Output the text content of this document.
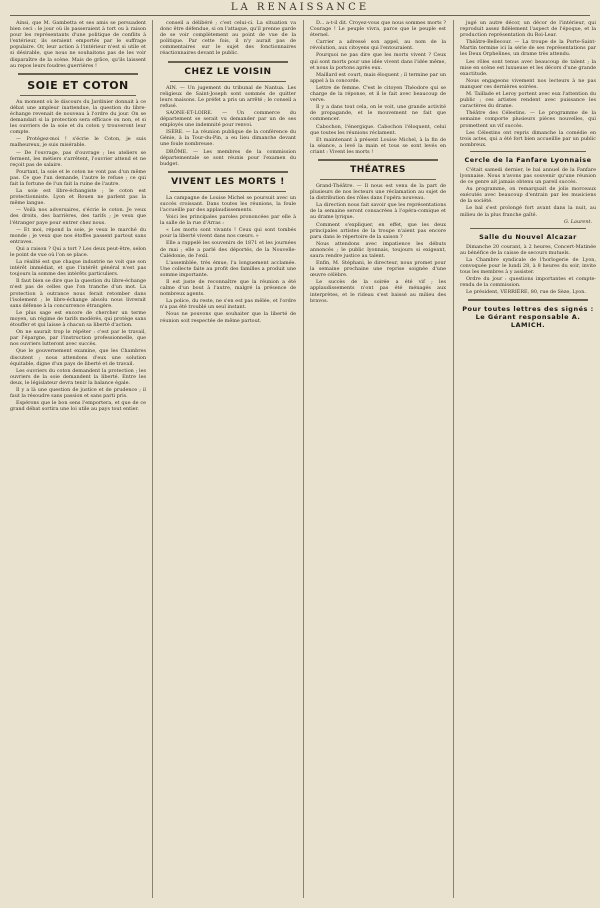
LA RENAISSANCE

Ainsi, que M. Gambetta et ses amis se persuadent bien ceci : le jour où ils passeraient à tort ou à raison pour les représentants d'une politique de conflits à l'extérieur, ils seraient emportés par le suffrage populaire. Or, leur action à l'intérieur n'est si utile et si désirable, que nous ne souhaitons pas de les voir disparaître de la scène. Mais de grâce, qu'ils laissent au repos leurs foudres guerrières !

SOIE ET COTON

Au moment où le discours du Jardinier donnait à ce débat une ampleur inattendue, la question du libre-échange revenait de nouveau à l'ordre du jour. On se demandait si la protection sera efficace ou non, et si les ouvriers de la soie et du coton y trouveront leur compte.

— Protégez-moi ! s'écrie le Coton, je suis malheureux, je suis misérable.

— De l'ouvrage, pas d'ouvrage ; les ateliers se ferment, les métiers s'arrêtent, l'ouvrier attend et ne reçoit pas de salaire.

Pourtant, la soie et le coton ne vont pas d'un même pas. Ce que l'un demande, l'autre le refuse ; ce qui fait la fortune de l'un fait la ruine de l'autre.

La soie est libre-échangiste ; le coton est protectionniste. Lyon et Rouen ne parlent pas la même langue.

— Voilà nos adversaires, s'écrie le coton. Je veux des droits, des barrières, des tarifs ; je veux que l'étranger paye pour entrer chez nous.

— Et moi, répond la soie, je veux le marché du monde ; je veux que nos étoffes passent partout sans entraves.

Qui a raison ? Qui a tort ? Les deux peut-être, selon le point de vue où l'on se place.

La réalité est que chaque industrie ne voit que son intérêt immédiat, et que l'intérêt général n'est pas toujours la somme des intérêts particuliers.

Il faut bien se dire que la question du libre-échange n'est pas de celles que l'on tranche d'un mot. La protection à outrance nous ferait retomber dans l'isolement ; le libre-échange absolu nous livrerait sans défense à la concurrence étrangère.

Le plus sage est encore de chercher un terme moyen, un régime de tarifs modérés, qui protège sans étouffer et qui laisse à chacun sa liberté d'action.

On ne saurait trop le répéter : c'est par le travail, par l'épargne, par l'instruction professionnelle, que nos ouvriers lutteront avec succès.

Que le gouvernement examine, que les Chambres discutent ; nous attendons d'eux une solution équitable, digne d'un pays de liberté et de travail.

Les ouvriers du coton demandent la protection ; les ouvriers de la soie demandent la liberté. Entre les deux, le législateur devra tenir la balance égale.

Il y a là une question de justice et de prudence ; il faut la résoudre sans passion et sans parti pris.

Espérons que le bon sens l'emportera, et que de ce grand débat sortira une loi utile au pays tout entier.

conseil a délibéré ; c'est celui-ci. La situation va donc être défendue, si on l'attaque, qu'il prenne garde de se voir complètement au point de vue de la politique. Par cette fois, il n'y aurait pas de commentaires sur le sujet des fonctionnaires réactionnaires devant le public.

CHEZ LE VOISIN

AIN. — Un jugement du tribunal de Nantua. Les religieux de Saint-Joseph sont sommés de quitter leurs maisons. Le préfet a pris un arrêté ; le conseil a refusé.

SAONE-ET-LOIRE. — Un commerce du département se serait vu demander par un de ses employés une indemnité pour renvoi.

ISÈRE. — La réunion publique de la conférence du Génie, à la Tour-du-Pin, a eu lieu dimanche devant une foule nombreuse.

DRÔME. — Les membres de la commission départementale se sont réunis pour l'examen du budget.

VIVENT LES MORTS !

La campagne de Louise Michel se poursuit avec un succès croissant. Dans toutes les réunions, la foule l'accueille par des applaudissements.

Voici les principales paroles prononcées par elle à la salle de la rue d'Arras :

« Les morts sont vivants ! Ceux qui sont tombés pour la liberté vivent dans nos cœurs. »

Elle a rappelé les souvenirs de 1871 et les journées de mai ; elle a parlé des déportés, de la Nouvelle-Calédonie, de l'exil.

L'assemblée, très émue, l'a longuement acclamée. Une collecte faite au profit des familles a produit une somme importante.

Il est juste de reconnaître que la réunion a été calme d'un bout à l'autre, malgré la présence de nombreux agents.

La police, du reste, ne s'en est pas mêlée, et l'ordre n'a pas été troublé un seul instant.

Nous ne pouvons que souhaiter que la liberté de réunion soit respectée de même partout.

D... a-t-il dit. Croyez-vous que nous sommes morts ? Courage ! Le peuple vivra, parce que le peuple est éternel.

Carrier a adressé son appel, au nom de la révolution, aux citoyens qui l'entouraient.

Pourquoi ne pas dire que les morts vivent ? Ceux qui sont morts pour une idée vivent dans l'idée même, et nous la portons après eux.

Maillard est court, mais éloquent ; il termine par un appel à la concorde.

Lettre de femme. C'est le citoyen Théodore qui se charge de la réponse, et il le fait avec beaucoup de verve.

Il y a dans tout cela, on le voit, une grande activité de propagande, et le mouvement ne fait que commencer.

Cabochon, l'énergique. Cabochon l'éloquent, celui que toutes les réunions réclament.

Et maintenant à présent Louise Michel, à la fin de la séance, a levé la main et tous se sont levés en criant : Vivent les morts !

THÉATRES

Grand-Théâtre. — Il nous est venu de la part de plusieurs de nos lecteurs une réclamation au sujet de la distribution des rôles dans l'opéra nouveau.

La direction nous fait savoir que les représentations de la semaine seront consacrées à l'opéra-comique et au drame lyrique.

Comment s'expliquer, en effet, que les deux principales artistes de la troupe n'aient pas encore paru dans le répertoire de la saison ?

Nous attendons avec impatience les débuts annoncés ; le public lyonnais, toujours si exigeant, saura rendre justice au talent.

Enfin, M. Stéphani, le directeur, nous promet pour la semaine prochaine une reprise soignée d'une œuvre célèbre.

Le succès de la soirée a été vif ; les applaudissements n'ont pas été ménagés aux interprètes, et le rideau s'est baissé au milieu des bravos.

jugé un autre décor, un décor de l'intérieur, qui reproduit assez fidèlement l'aspect de l'époque, et la production représentation du Roi-Lear.

Théâtre-Bellecour. — La troupe de la Porte-Saint-Martin termine ici la série de ses représentations par les Deux Orphelines, un drame très attendu.

Les rôles sont tenus avec beaucoup de talent ; la mise en scène est luxueuse et les décors d'une grande exactitude.

Nous engageons vivement nos lecteurs à ne pas manquer ces dernières soirées.

M. Taillade et Leroy portent avec eux l'attention du public ; ces artistes rendent avec puissance les caractères du drame.

Théâtre des Célestins. — Le programme de la semaine comporte plusieurs pièces nouvelles, qui promettent un vif succès.

Les Célestins ont repris dimanche la comédie en trois actes, qui a été fort bien accueillie par un public nombreux.

Cercle de la Fanfare Lyonnaise

C'était samedi dernier, le bal annuel de la Fanfare lyonnaise. Nous n'avons pas souvenir qu'une réunion de ce genre ait jamais obtenu un pareil succès.

Au programme, on remarquait de jolis morceaux exécutés avec beaucoup d'entrain par les musiciens de la société.

Le bal s'est prolongé fort avant dans la nuit, au milieu de la plus franche gaîté.

G. Laurent.
Salle du Nouvel Alcazar

Dimanche 20 courant, à 2 heures, Concert-Matinée au bénéfice de la caisse de secours mutuels.

La Chambre syndicale de l'horlogerie de Lyon, convoquée pour le lundi 28, à 8 heures du soir, invite tous les membres à y assister.

Ordre du jour : questions importantes et compte-rendu de la commission.

Le président, VERRIÈRE, 80, rue de Sèze, Lyon.

Pour toutes lettres des signés : Le Gérant responsable A. LAMICH.
